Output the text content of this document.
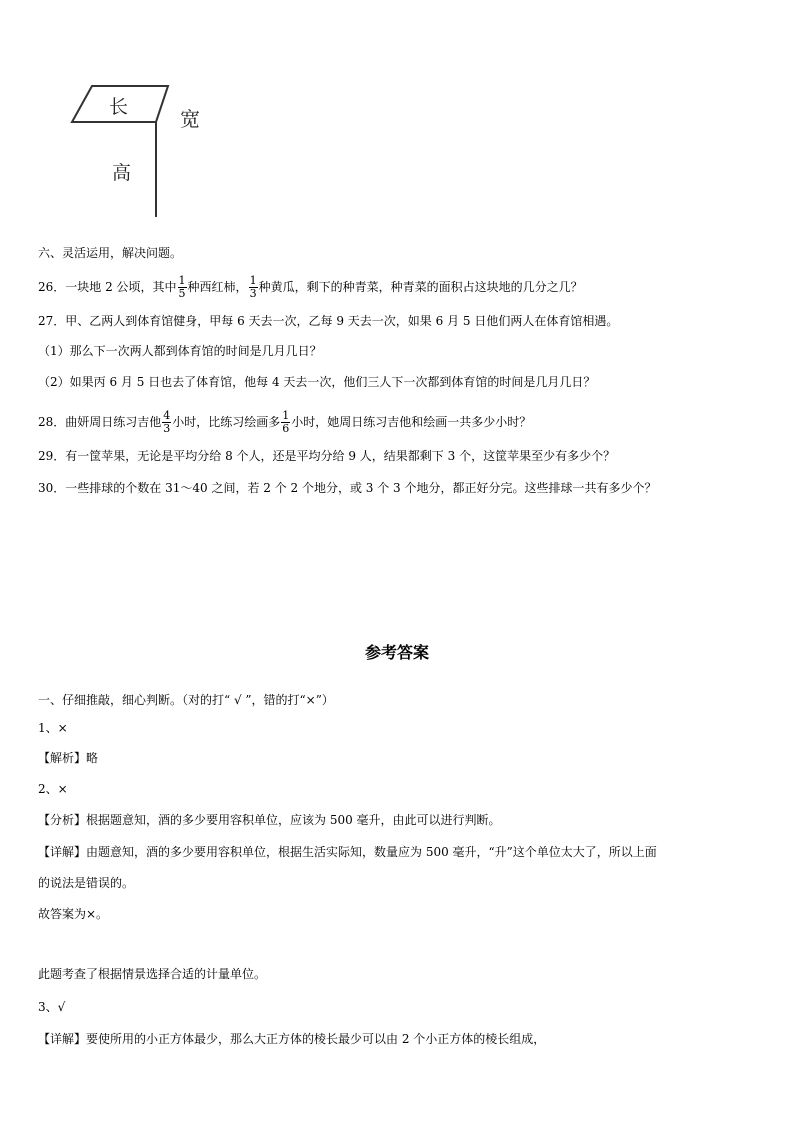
长	宽
高
六、灵活运用，解决问题。
26．一块地 2 公顷，其中 $\frac{1}{5}$ 种西红柿， $\frac{1}{3}$ 种黄瓜，剩下的种青菜，种青菜的面积占这块地的几分之几？
27．甲、乙两人到体育馆健身，甲每 6 天去一次，乙每 9 天去一次，如果 6 月 5 日他们两人在体育馆相遇。
（1）那么下一次两人都到体育馆的时间是几月几日？
（2）如果丙 6 月 5 日也去了体育馆，他每 4 天去一次，他们三人下一次都到体育馆的时间是几月几日？
28．曲妍周日练习吉他 $\frac{4}{3}$ 小时，比练习绘画多 $\frac{1}{6}$ 小时，她周日练习吉他和绘画一共多少小时？
29．有一筐苹果，无论是平均分给 8 个人，还是平均分给 9 人，结果都剩下 3 个，这筐苹果至少有多少个？
30．一些排球的个数在 31～40 之间，若 2 个 2 个地分，或 3 个 3 个地分，都正好分完。这些排球一共有多少个？
参考答案
一、仔细推敲，细心判断。（对的打“ √ ”，错的打“×”）
1、×
【解析】略
2、×
【分析】根据题意知，酒的多少要用容积单位，应该为 500 毫升，由此可以进行判断。
【详解】由题意知，酒的多少要用容积单位，根据生活实际知，数量应为 500 毫升，“升”这个单位太大了，所以上面
的说法是错误的。
故答案为×。
此题考查了根据情景选择合适的计量单位。
3、√
【详解】要使所用的小正方体最少，那么大正方体的棱长最少可以由 2 个小正方体的棱长组成，
